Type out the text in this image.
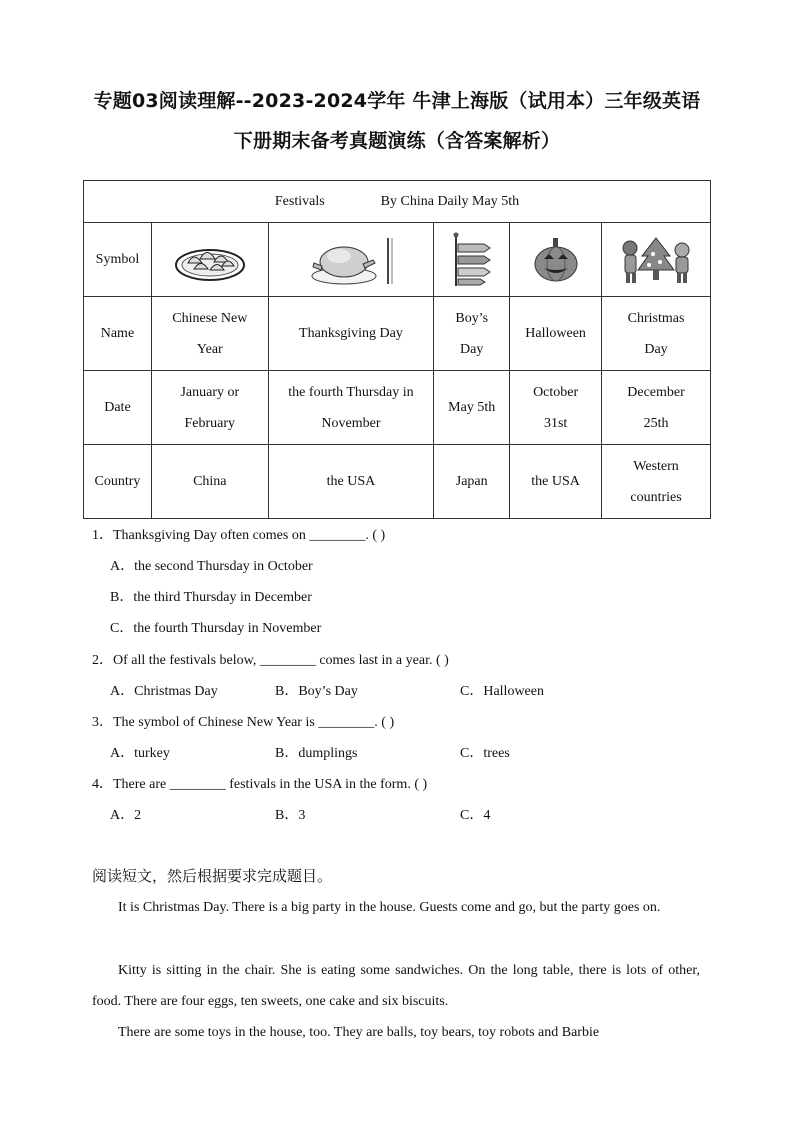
专题03阅读理解--2023-2024学年 牛津上海版（试用本）三年级英语
下册期末备考真题演练（含答案解析）
Festivals By China Daily May 5th					
Symbol	

Name	Chinese New Year	Thanksgiving Day	Boy’s Day	Halloween	Christmas Day
Date	January or February	the fourth Thursday in November	May 5th	October 31st	December 25th
Country	China	the USA	Japan	the USA	Western countries
1．Thanksgiving Day often comes on ________. ( )
A．the second Thursday in October
B．the third Thursday in December
C．the fourth Thursday in November
2．Of all the festivals below, ________ comes last in a year. ( )
A．Christmas Day	B．Boy’s Day	C．Halloween
3．The symbol of Chinese New Year is ________. ( )
A．turkey	B．dumplings	C．trees
4．There are ________ festivals in the USA in the form. ( )
A．2	B．3	C．4
阅读短文，然后根据要求完成题目。
It is Christmas Day. There is a big party in the house. Guests come and go, but the party goes on.
Kitty is sitting in the chair. She is eating some sandwiches. On the long table, there is lots of other, food. There are four eggs, ten sweets, one cake and six biscuits.
There are some toys in the house, too. They are balls, toy bears, toy robots and Barbie
